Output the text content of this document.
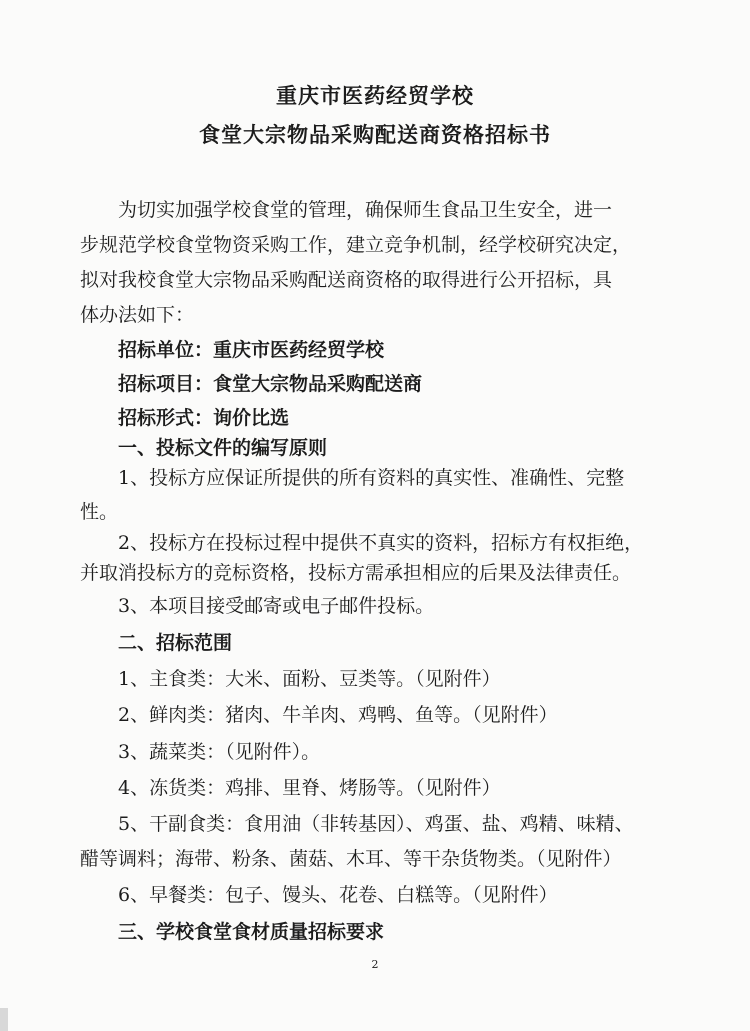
重庆市医药经贸学校
食堂大宗物品采购配送商资格招标书
为切实加强学校食堂的管理，确保师生食品卫生安全，进一
步规范学校食堂物资采购工作，建立竞争机制，经学校研究决定，
拟对我校食堂大宗物品采购配送商资格的取得进行公开招标，具
体办法如下：
招标单位：重庆市医药经贸学校
招标项目：食堂大宗物品采购配送商
招标形式：询价比选
一、投标文件的编写原则
1、投标方应保证所提供的所有资料的真实性、准确性、完整
性。
2、投标方在投标过程中提供不真实的资料，招标方有权拒绝，
并取消投标方的竞标资格，投标方需承担相应的后果及法律责任。
3、本项目接受邮寄或电子邮件投标。
二、招标范围
1、主食类：大米、面粉、豆类等。（见附件）
2、鲜肉类：猪肉、牛羊肉、鸡鸭、鱼等。（见附件）
3、蔬菜类：（见附件）。
4、冻货类：鸡排、里脊、烤肠等。（见附件）
5、干副食类：食用油（非转基因）、鸡蛋、盐、鸡精、味精、
醋等调料；海带、粉条、菌菇、木耳、等干杂货物类。（见附件）
6、早餐类：包子、馒头、花卷、白糕等。（见附件）
三、学校食堂食材质量招标要求
2
